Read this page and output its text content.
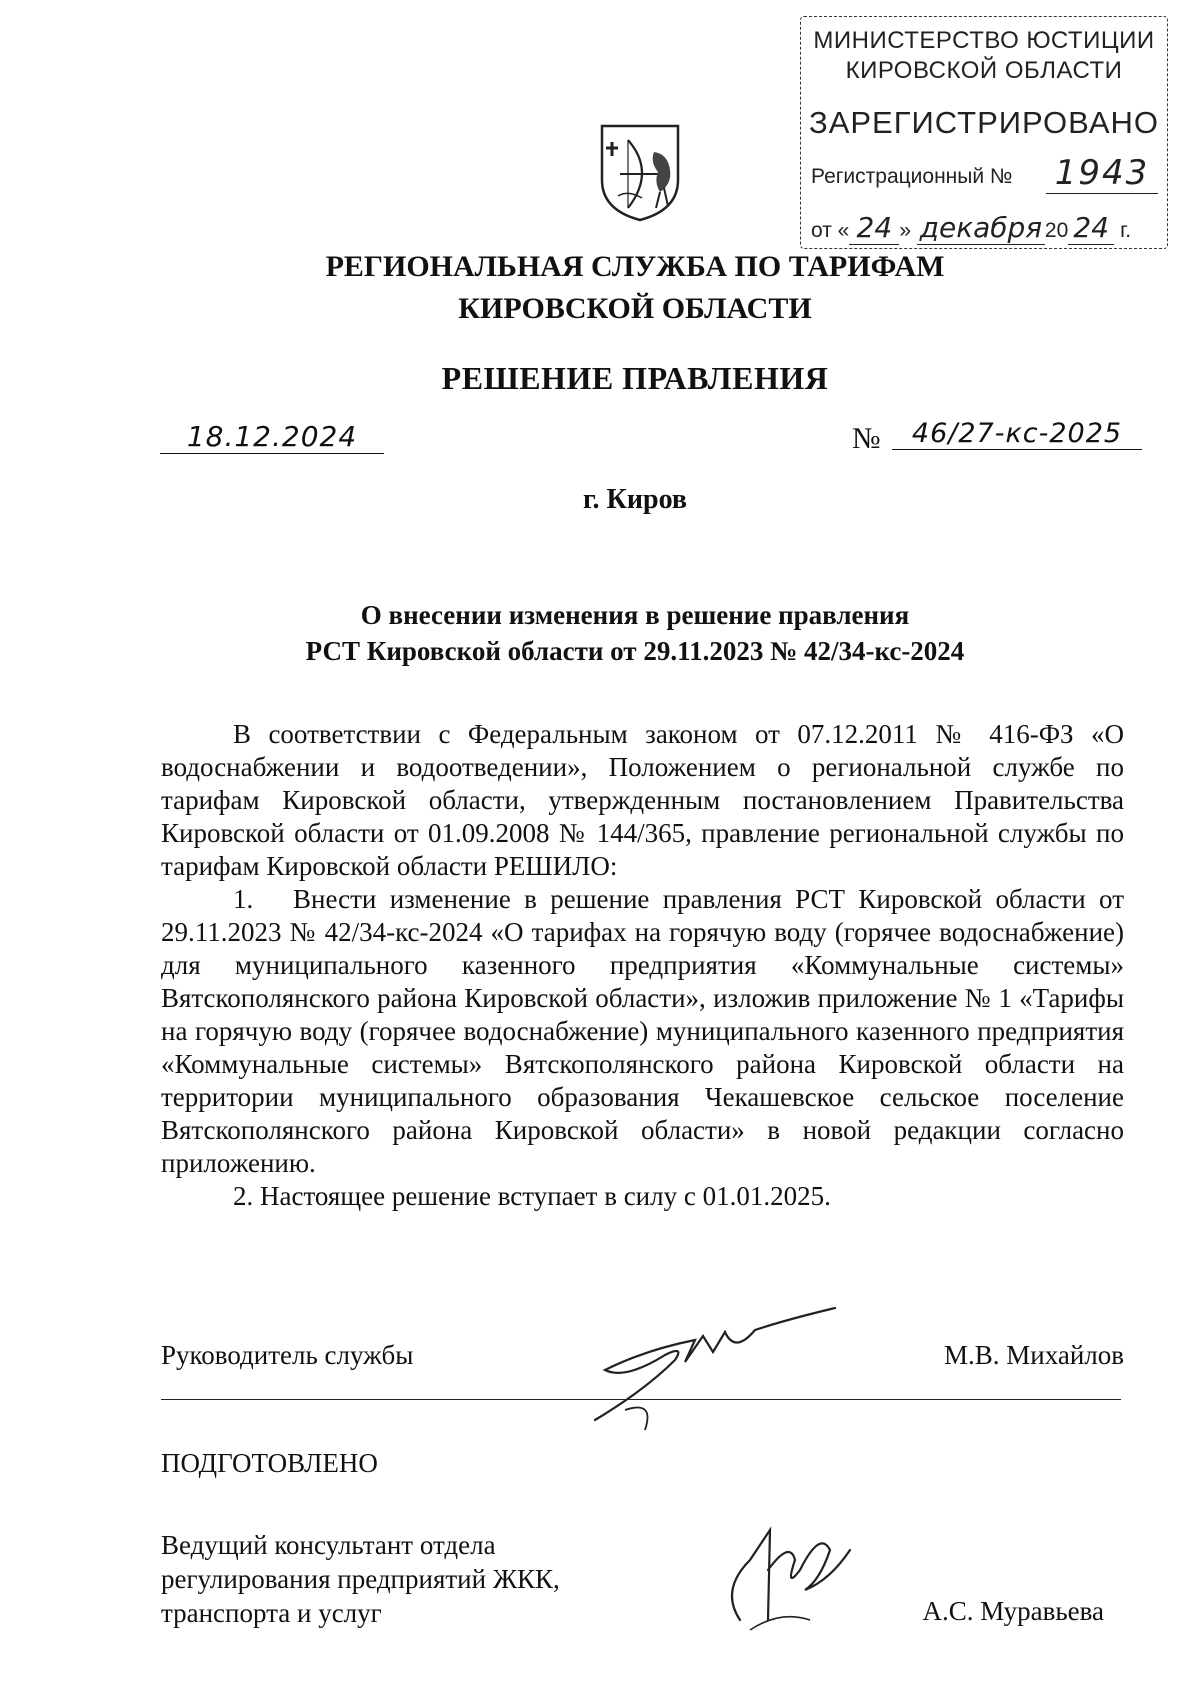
МИНИСТЕРСТВО ЮСТИЦИИ
КИРОВСКОЙ ОБЛАСТИ
ЗАРЕГИСТРИРОВАНО
Регистрационный № 1943
от « 24 » декабря 20 24 г.
РЕГИОНАЛЬНАЯ СЛУЖБА ПО ТАРИФАМ
КИРОВСКОЙ ОБЛАСТИ
РЕШЕНИЕ ПРАВЛЕНИЯ
18.12.2024	№	46/27-кс-2025
г. Киров
О внесении изменения в решение правления
РСТ Кировской области от 29.11.2023 № 42/34-кс-2024

В соответствии с Федеральным законом от 07.12.2011 № 416-ФЗ «О водоснабжении и водоотведении», Положением о региональной службе по тарифам Кировской области, утвержденным постановлением Правительства Кировской области от 01.09.2008 № 144/365, правление региональной службы по тарифам Кировской области РЕШИЛО:

1. Внести изменение в решение правления РСТ Кировской области от 29.11.2023 № 42/34-кс-2024 «О тарифах на горячую воду (горячее водоснабжение) для муниципального казенного предприятия «Коммунальные системы» Вятскополянского района Кировской области», изложив приложение № 1 «Тарифы на горячую воду (горячее водоснабжение) муниципального казенного предприятия «Коммунальные системы» Вятскополянского района Кировской области на территории муниципального образования Чекашевское сельское поселение Вятскополянского района Кировской области» в новой редакции согласно приложению.

2. Настоящее решение вступает в силу с 01.01.2025.

Руководитель службы	М.В. Михайлов
ПОДГОТОВЛЕНО
Ведущий консультант отдела
регулирования предприятий ЖКК,
транспорта и услуг	А.С. Муравьева
